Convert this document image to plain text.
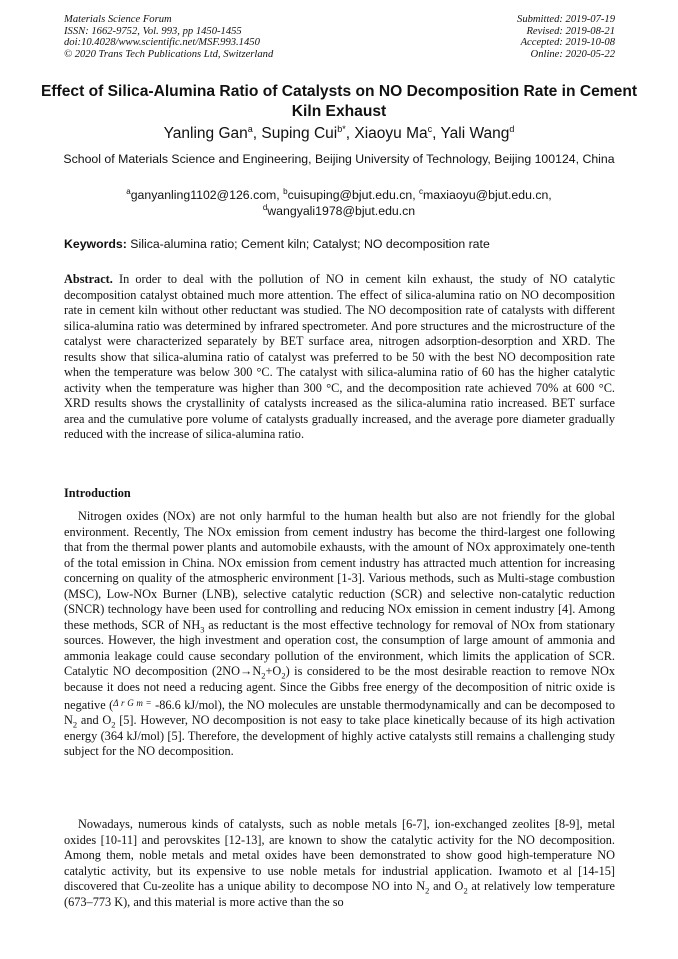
Materials Science Forum
ISSN: 1662-9752, Vol. 993, pp 1450-1455
doi:10.4028/www.scientific.net/MSF.993.1450
© 2020 Trans Tech Publications Ltd, Switzerland
Submitted: 2019-07-19
Revised: 2019-08-21
Accepted: 2019-10-08
Online: 2020-05-22
Effect of Silica-Alumina Ratio of Catalysts on NO Decomposition Rate in Cement Kiln Exhaust
Yanling Gan$^a$, Suping Cui$^{b*}$, Xiaoyu Ma$^c$, Yali Wang$^d$
School of Materials Science and Engineering, Beijing University of Technology, Beijing 100124, China
$^a$ganyanling1102@126.com, $^b$cuisuping@bjut.edu.cn, $^c$maxiaoyu@bjut.edu.cn,
$^d$wangyali1978@bjut.edu.cn
Keywords: Silica-alumina ratio; Cement kiln; Catalyst; NO decomposition rate
Abstract. In order to deal with the pollution of NO in cement kiln exhaust, the study of NO catalytic decomposition catalyst obtained much more attention. The effect of silica-alumina ratio on NO decomposition rate in cement kiln without other reductant was studied. The NO decomposition rate of catalysts with different silica-alumina ratio was determined by infrared spectrometer. And pore structures and the microstructure of the catalyst were characterized separately by BET surface area, nitrogen adsorption-desorption and XRD. The results show that silica-alumina ratio of catalyst was preferred to be 50 with the best NO decomposition rate when the temperature was below 300 °C. The catalyst with silica-alumina ratio of 60 has the higher catalytic activity when the temperature was higher than 300 °C, and the decomposition rate achieved 70% at 600 °C. XRD results shows the crystallinity of catalysts increased as the silica-alumina ratio increased. BET surface area and the cumulative pore volume of catalysts gradually increased, and the average pore diameter gradually reduced with the increase of silica-alumina ratio.
Introduction
Nitrogen oxides (NOx) are not only harmful to the human health but also are not friendly for the global environment. Recently, The NOx emission from cement industry has become the third-largest one following that from the thermal power plants and automobile exhausts, with the amount of NOx approximately one-tenth of the total emission in China. NOx emission from cement industry has attracted much attention for increasing concerning on quality of the atmospheric environment [1-3]. Various methods, such as Multi-stage combustion (MSC), Low-NOx Burner (LNB), selective catalytic reduction (SCR) and selective non-catalytic reduction (SNCR) technology have been used for controlling and reducing NOx emission in cement industry [4]. Among these methods, SCR of $NH_3$ as reductant is the most effective technology for removal of NOx from stationary sources. However, the high investment and operation cost, the consumption of large amount of ammonia and ammonia leakage could cause secondary pollution of the environment, which limits the application of SCR. Catalytic NO decomposition $(2NO\to N_2+O_2)$ is considered to be the most desirable reaction to remove NOx because it does not need a reducing agent. Since the Gibbs free energy of the decomposition of nitric oxide is negative ($^{\Delta r G m =}$ -86.6 kJ/mol), the NO molecules are unstable thermodynamically and can be decomposed to $N_2$ and $O_2$ [5]. However, NO decomposition is not easy to take place kinetically because of its high activation energy (364 kJ/mol) [5]. Therefore, the development of highly active catalysts still remains a challenging study subject for the NO decomposition.
Nowadays, numerous kinds of catalysts, such as noble metals [6-7], ion-exchanged zeolites [8-9], metal oxides [10-11] and perovskites [12-13], are known to show the catalytic activity for the NO decomposition. Among them, noble metals and metal oxides have been demonstrated to show good high-temperature NO catalytic activity, but its expensive to use noble metals for industrial application. Iwamoto et al [14-15] discovered that Cu-zeolite has a unique ability to decompose NO into $N_2$ and $O_2$ at relatively low temperature (673–773 K), and this material is more active than the so
